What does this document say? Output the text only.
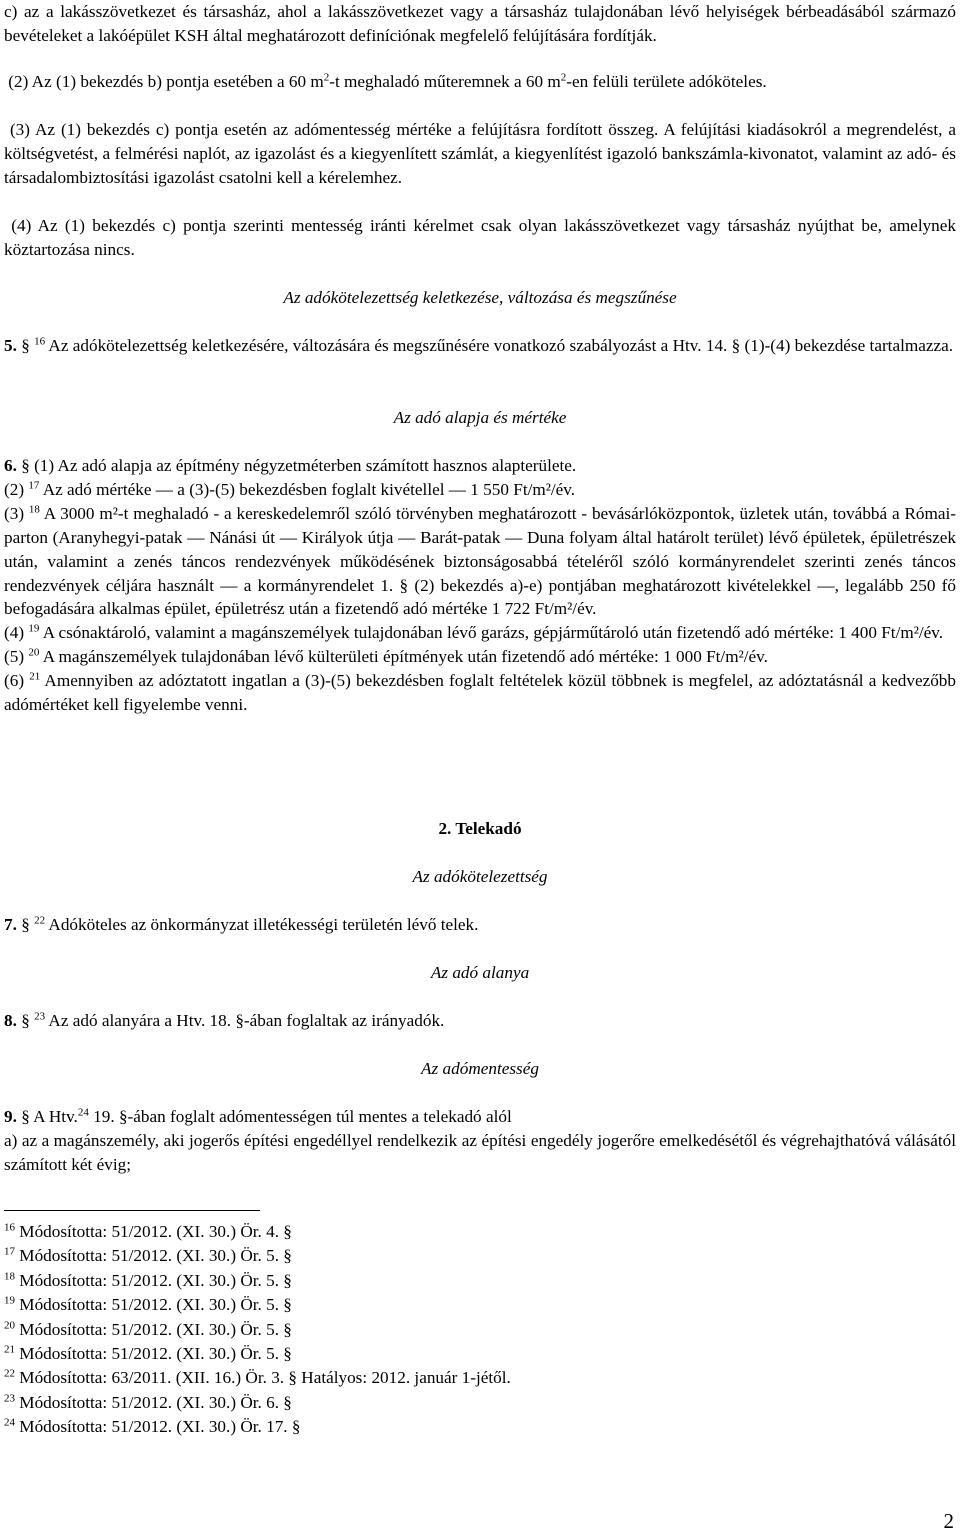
c) az a lakásszövetkezet és társasház, ahol a lakásszövetkezet vagy a társasház tulajdonában lévő helyiségek bérbeadásából származó bevételeket a lakóépület KSH által meghatározott definíciónak megfelelő felújítására fordítják.

(2) Az (1) bekezdés b) pontja esetében a 60 $m^2-t$ meghaladó műteremnek a 60 $m^2-en$ felüli területe adóköteles.

(3) Az (1) bekezdés c) pontja esetén az adómentesség mértéke a felújításra fordított összeg. A felújítási kiadásokról a megrendelést, a költségvetést, a felmérési naplót, az igazolást és a kiegyenlített számlát, a kiegyenlítést igazoló bankszámla-kivonatot, valamint az adó- és társadalombiztosítási igazolást csatolni kell a kérelemhez.

(4) Az (1) bekezdés c) pontja szerinti mentesség iránti kérelmet csak olyan lakásszövetkezet vagy társasház nyújthat be, amelynek köztartozása nincs.

Az adókötelezettség keletkezése, változása és megszűnése

5. § $^{16}$ Az adókötelezettség keletkezésére, változására és megszűnésére vonatkozó szabályozást a Htv. 14. § (1)-(4) bekezdése tartalmazza.

Az adó alapja és mértéke

6. § (1) Az adó alapja az építmény négyzetméterben számított hasznos alapterülete.

(2) $^{17}$ Az adó mértéke — a (3)-(5) bekezdésben foglalt kivétellel — 1 550 Ft/m²/év.

(3) $^{18}$ A 3000 m²-t meghaladó - a kereskedelemről szóló törvényben meghatározott - bevásárlóközpontok, üzletek után, továbbá a Római-parton (Aranyhegyi-patak — Nánási út — Királyok útja — Barát-patak — Duna folyam által határolt terület) lévő épületek, épületrészek után, valamint a zenés táncos rendezvények működésének biztonságosabbá tételéről szóló kormányrendelet szerinti zenés táncos rendezvények céljára használt — a kormányrendelet 1. § (2) bekezdés a)-e) pontjában meghatározott kivételekkel —, legalább 250 fő befogadására alkalmas épület, épületrész után a fizetendő adó mértéke 1 722 Ft/m²/év.

(4) $^{19}$ A csónaktároló, valamint a magánszemélyek tulajdonában lévő garázs, gépjárműtároló után fizetendő adó mértéke: 1 400 Ft/m²/év.

(5) $^{20}$ A magánszemélyek tulajdonában lévő külterületi építmények után fizetendő adó mértéke: 1 000 Ft/m²/év.

(6) $^{21}$ Amennyiben az adóztatott ingatlan a (3)-(5) bekezdésben foglalt feltételek közül többnek is megfelel, az adóztatásnál a kedvezőbb adómértéket kell figyelembe venni.

2. Telekadó

Az adókötelezettség

7. § $^{22}$ Adóköteles az önkormányzat illetékességi területén lévő telek.

Az adó alanya

8. § $^{23}$ Az adó alanyára a Htv. 18. §-ában foglaltak az irányadók.

Az adómentesség

9. § A Htv.$^{24}$ 19. §-ában foglalt adómentességen túl mentes a telekadó alól

a) az a magánszemély, aki jogerős építési engedéllyel rendelkezik az építési engedély jogerőre emelkedésétől és végrehajthatóvá válásától számított két évig;

$^{16}$ Módosította: 51/2012. (XI. 30.) Ör. 4. §
$^{17}$ Módosította: 51/2012. (XI. 30.) Ör. 5. §
$^{18}$ Módosította: 51/2012. (XI. 30.) Ör. 5. §
$^{19}$ Módosította: 51/2012. (XI. 30.) Ör. 5. §
$^{20}$ Módosította: 51/2012. (XI. 30.) Ör. 5. §
$^{21}$ Módosította: 51/2012. (XI. 30.) Ör. 5. §
$^{22}$ Módosította: 63/2011. (XII. 16.) Ör. 3. § Hatályos: 2012. január 1-jétől.
$^{23}$ Módosította: 51/2012. (XI. 30.) Ör. 6. §
$^{24}$ Módosította: 51/2012. (XI. 30.) Ör. 17. §
2
